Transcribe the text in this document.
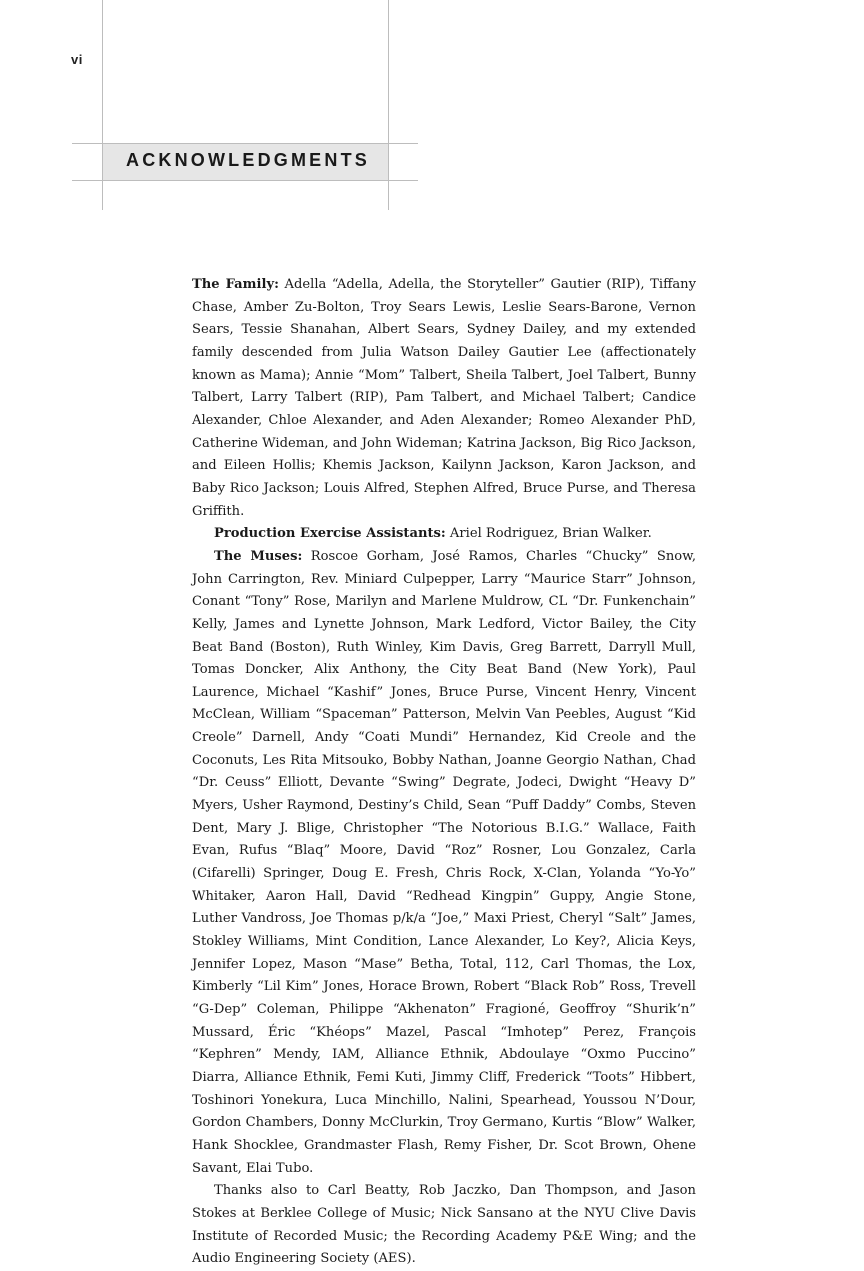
vi
ACKNOWLEDGMENTS

The Family: Adella “Adella, Adella, the Storyteller” Gautier (RIP), Tiffany Chase, Amber Zu-Bolton, Troy Sears Lewis, Leslie Sears-Barone, Vernon Sears, Tessie Shanahan, Albert Sears, Sydney Dailey, and my extended family descended from Julia Watson Dailey Gautier Lee (affectionately known as Mama); Annie “Mom” Talbert, Sheila Talbert, Joel Talbert, Bunny Talbert, Larry Talbert (RIP), Pam Talbert, and Michael Talbert; Candice Alexander, Chloe Alexander, and Aden Alexander; Romeo Alexander PhD, Catherine Wideman, and John Wideman; Katrina Jackson, Big Rico Jackson, and Eileen Hollis; Khemis Jackson, Kailynn Jackson, Karon Jackson, and Baby Rico Jackson; Louis Alfred, Stephen Alfred, Bruce Purse, and Theresa Griffith.

Production Exercise Assistants: Ariel Rodriguez, Brian Walker.

The Muses: Roscoe Gorham, José Ramos, Charles “Chucky” Snow, John Carrington, Rev. Miniard Culpepper, Larry “Maurice Starr” Johnson, Conant “Tony” Rose, Marilyn and Marlene Muldrow, CL “Dr. Funkenchain” Kelly, James and Lynette Johnson, Mark Ledford, Victor Bailey, the City Beat Band (Boston), Ruth Winley, Kim Davis, Greg Barrett, Darryll Mull, Tomas Doncker, Alix Anthony, the City Beat Band (New York), Paul Laurence, Michael “Kashif” Jones, Bruce Purse, Vincent Henry, Vincent McClean, William “Spaceman” Patterson, Melvin Van Peebles, August “Kid Creole” Darnell, Andy “Coati Mundi” Hernandez, Kid Creole and the Coconuts, Les Rita Mitsouko, Bobby Nathan, Joanne Georgio Nathan, Chad “Dr. Ceuss” Elliott, Devante “Swing” Degrate, Jodeci, Dwight “Heavy D” Myers, Usher Raymond, Destiny’s Child, Sean “Puff Daddy” Combs, Steven Dent, Mary J. Blige, Christopher “The Notorious B.I.G.” Wallace, Faith Evan, Rufus “Blaq” Moore, David “Roz” Rosner, Lou Gonzalez, Carla (Cifarelli) Springer, Doug E. Fresh, Chris Rock, X-Clan, Yolanda “Yo-Yo” Whitaker, Aaron Hall, David “Redhead Kingpin” Guppy, Angie Stone, Luther Vandross, Joe Thomas p/k/a “Joe,” Maxi Priest, Cheryl “Salt” James, Stokley Williams, Mint Condition, Lance Alexander, Lo Key?, Alicia Keys, Jennifer Lopez, Mason “Mase” Betha, Total, 112, Carl Thomas, the Lox, Kimberly “Lil Kim” Jones, Horace Brown, Robert “Black Rob” Ross, Trevell “G-Dep” Coleman, Philippe “Akhenaton” Fragioné, Geoffroy “Shurik’n” Mussard, Éric “Khéops” Mazel, Pascal “Imhotep” Perez, François “Kephren” Mendy, IAM, Alliance Ethnik, Abdoulaye “Oxmo Puccino” Diarra, Alliance Ethnik, Femi Kuti, Jimmy Cliff, Frederick “Toots” Hibbert, Toshinori Yonekura, Luca Minchillo, Nalini, Spearhead, Youssou N’Dour, Gordon Chambers, Donny McClurkin, Troy Germano, Kurtis “Blow” Walker, Hank Shocklee, Grandmaster Flash, Remy Fisher, Dr. Scot Brown, Ohene Savant, Elai Tubo.

Thanks also to Carl Beatty, Rob Jaczko, Dan Thompson, and Jason Stokes at Berklee College of Music; Nick Sansano at the NYU Clive Davis Institute of Recorded Music; the Recording Academy P&E Wing; and the Audio Engineering Society (AES).
